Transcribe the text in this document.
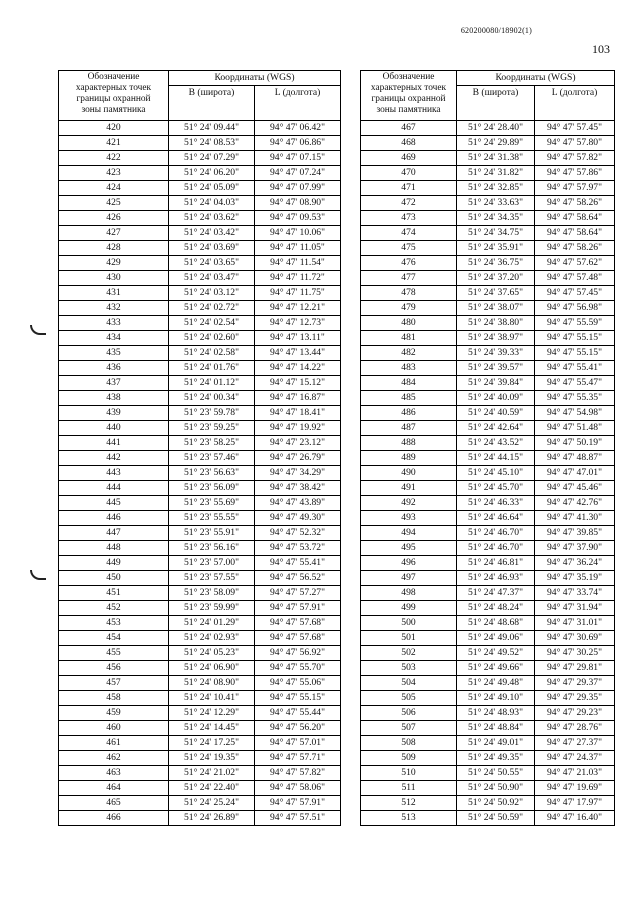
620200080/18902(1)
103
Обозначение
характерных точек
границы охранной
зоны памятника	Координаты (WGS)	
	B (широта)	L (долгота)
420	51° 24' 09.44"	94° 47' 06.42"
421	51° 24' 08.53"	94° 47' 06.86"
422	51° 24' 07.29"	94° 47' 07.15"
423	51° 24' 06.20"	94° 47' 07.24"
424	51° 24' 05.09"	94° 47' 07.99"
425	51° 24' 04.03"	94° 47' 08.90"
426	51° 24' 03.62"	94° 47' 09.53"
427	51° 24' 03.42"	94° 47' 10.06"
428	51° 24' 03.69"	94° 47' 11.05"
429	51° 24' 03.65"	94° 47' 11.54"
430	51° 24' 03.47"	94° 47' 11.72"
431	51° 24' 03.12"	94° 47' 11.75"
432	51° 24' 02.72"	94° 47' 12.21"
433	51° 24' 02.54"	94° 47' 12.73"
434	51° 24' 02.60"	94° 47' 13.11"
435	51° 24' 02.58"	94° 47' 13.44"
436	51° 24' 01.76"	94° 47' 14.22"
437	51° 24' 01.12"	94° 47' 15.12"
438	51° 24' 00.34"	94° 47' 16.87"
439	51° 23' 59.78"	94° 47' 18.41"
440	51° 23' 59.25"	94° 47' 19.92"
441	51° 23' 58.25"	94° 47' 23.12"
442	51° 23' 57.46"	94° 47' 26.79"
443	51° 23' 56.63"	94° 47' 34.29"
444	51° 23' 56.09"	94° 47' 38.42"
445	51° 23' 55.69"	94° 47' 43.89"
446	51° 23' 55.55"	94° 47' 49.30"
447	51° 23' 55.91"	94° 47' 52.32"
448	51° 23' 56.16"	94° 47' 53.72"
449	51° 23' 57.00"	94° 47' 55.41"
450	51° 23' 57.55"	94° 47' 56.52"
451	51° 23' 58.09"	94° 47' 57.27"
452	51° 23' 59.99"	94° 47' 57.91"
453	51° 24' 01.29"	94° 47' 57.68"
454	51° 24' 02.93"	94° 47' 57.68"
455	51° 24' 05.23"	94° 47' 56.92"
456	51° 24' 06.90"	94° 47' 55.70"
457	51° 24' 08.90"	94° 47' 55.06"
458	51° 24' 10.41"	94° 47' 55.15"
459	51° 24' 12.29"	94° 47' 55.44"
460	51° 24' 14.45"	94° 47' 56.20"
461	51° 24' 17.25"	94° 47' 57.01"
462	51° 24' 19.35"	94° 47' 57.71"
463	51° 24' 21.02"	94° 47' 57.82"
464	51° 24' 22.40"	94° 47' 58.06"
465	51° 24' 25.24"	94° 47' 57.91"
466	51° 24' 26.89"	94° 47' 57.51"
Обозначение
характерных точек
границы охранной
зоны памятника	Координаты (WGS)	
	B (широта)	L (долгота)
467	51° 24' 28.40"	94° 47' 57.45"
468	51° 24' 29.89"	94° 47' 57.80"
469	51° 24' 31.38"	94° 47' 57.82"
470	51° 24' 31.82"	94° 47' 57.86"
471	51° 24' 32.85"	94° 47' 57.97"
472	51° 24' 33.63"	94° 47' 58.26"
473	51° 24' 34.35"	94° 47' 58.64"
474	51° 24' 34.75"	94° 47' 58.64"
475	51° 24' 35.91"	94° 47' 58.26"
476	51° 24' 36.75"	94° 47' 57.62"
477	51° 24' 37.20"	94° 47' 57.48"
478	51° 24' 37.65"	94° 47' 57.45"
479	51° 24' 38.07"	94° 47' 56.98"
480	51° 24' 38.80"	94° 47' 55.59"
481	51° 24' 38.97"	94° 47' 55.15"
482	51° 24' 39.33"	94° 47' 55.15"
483	51° 24' 39.57"	94° 47' 55.41"
484	51° 24' 39.84"	94° 47' 55.47"
485	51° 24' 40.09"	94° 47' 55.35"
486	51° 24' 40.59"	94° 47' 54.98"
487	51° 24' 42.64"	94° 47' 51.48"
488	51° 24' 43.52"	94° 47' 50.19"
489	51° 24' 44.15"	94° 47' 48.87"
490	51° 24' 45.10"	94° 47' 47.01"
491	51° 24' 45.70"	94° 47' 45.46"
492	51° 24' 46.33"	94° 47' 42.76"
493	51° 24' 46.64"	94° 47' 41.30"
494	51° 24' 46.70"	94° 47' 39.85"
495	51° 24' 46.70"	94° 47' 37.90"
496	51° 24' 46.81"	94° 47' 36.24"
497	51° 24' 46.93"	94° 47' 35.19"
498	51° 24' 47.37"	94° 47' 33.74"
499	51° 24' 48.24"	94° 47' 31.94"
500	51° 24' 48.68"	94° 47' 31.01"
501	51° 24' 49.06"	94° 47' 30.69"
502	51° 24' 49.52"	94° 47' 30.25"
503	51° 24' 49.66"	94° 47' 29.81"
504	51° 24' 49.48"	94° 47' 29.37"
505	51° 24' 49.10"	94° 47' 29.35"
506	51° 24' 48.93"	94° 47' 29.23"
507	51° 24' 48.84"	94° 47' 28.76"
508	51° 24' 49.01"	94° 47' 27.37"
509	51° 24' 49.35"	94° 47' 24.37"
510	51° 24' 50.55"	94° 47' 21.03"
511	51° 24' 50.90"	94° 47' 19.69"
512	51° 24' 50.92"	94° 47' 17.97"
513	51° 24' 50.59"	94° 47' 16.40"
